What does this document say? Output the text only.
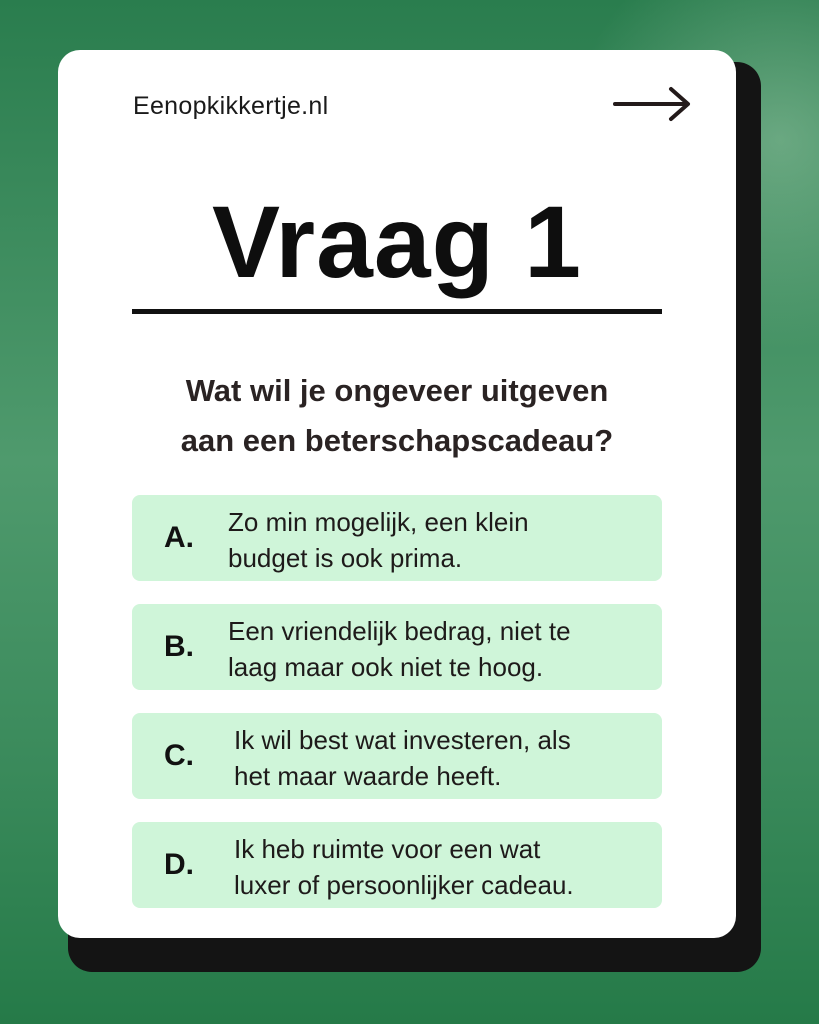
Eenopkikkertje.nl
Vraag 1
Wat wil je ongeveer uitgeven
aan een beterschapscadeau?
A. Zo min mogelijk, een klein
budget is ook prima.
B. Een vriendelijk bedrag, niet te
laag maar ook niet te hoog.
C. Ik wil best wat investeren, als
het maar waarde heeft.
D. Ik heb ruimte voor een wat
luxer of persoonlijker cadeau.
